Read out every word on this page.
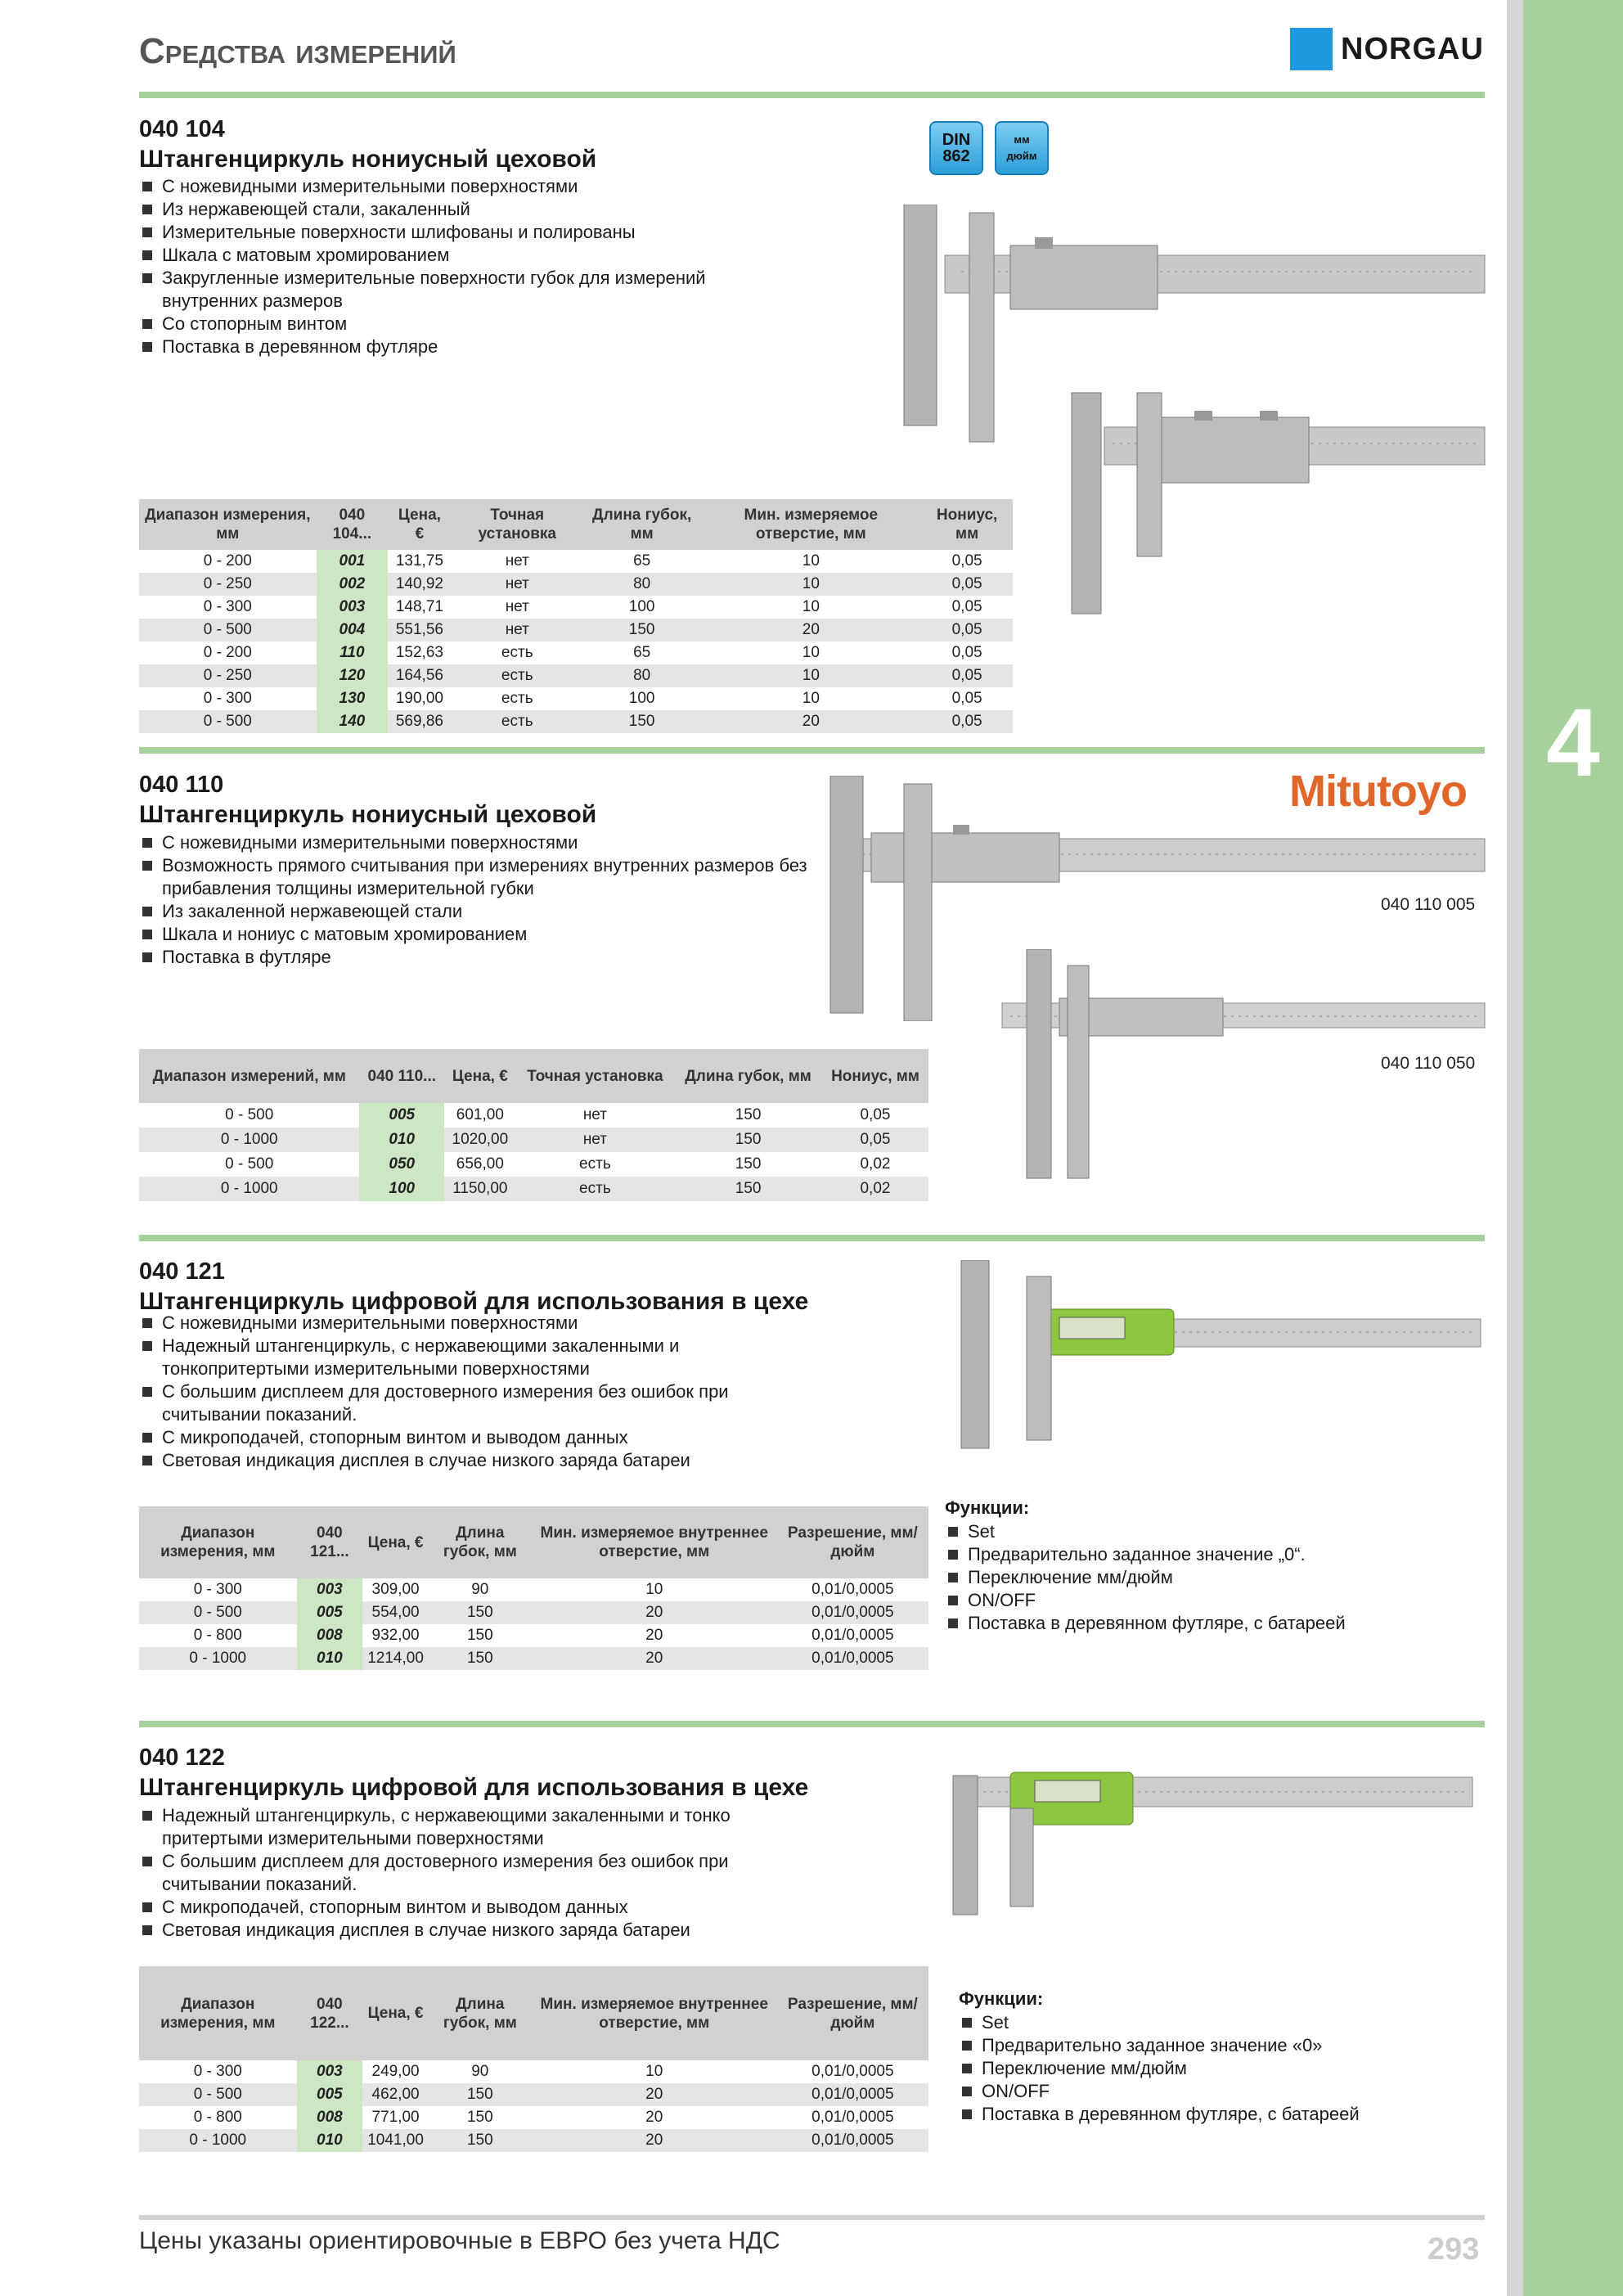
4
Средства измерений	NORGAU
040 104
Штангенциркуль нониусный цеховой
С ножевидными измерительными поверхностями
Из нержавеющей стали, закаленный
Измерительные поверхности шлифованы и полированы
Шкала с матовым хромированием
Закругленные измерительные поверхности губок для измерений внутренних размеров
Со стопорным винтом
Поставка в деревянном футляре
DIN
862
мм
дюйм
Диапазон измерения, мм	040 104...	Цена, €	Точная установка	Длина губок, мм	Мин. измеряемое отверстие, мм	Нониус, мм
0 - 200	001	131,75	нет	65	10	0,05
0 - 250	002	140,92	нет	80	10	0,05
0 - 300	003	148,71	нет	100	10	0,05
0 - 500	004	551,56	нет	150	20	0,05
0 - 200	110	152,63	есть	65	10	0,05
0 - 250	120	164,56	есть	80	10	0,05
0 - 300	130	190,00	есть	100	10	0,05
0 - 500	140	569,86	есть	150	20	0,05
040 110
Штангенциркуль нониусный цеховой	Mitutoyo
С ножевидными измерительными поверхностями
Возможность прямого считывания при измерениях внутренних размеров без прибавления толщины измерительной губки
Из закаленной нержавеющей стали
Шкала и нониус с матовым хромированием
Поставка в футляре
040 110 005
040 110 050
Диапазон измерений, мм	040 110...	Цена, €	Точная установка	Длина губок, мм	Нониус, мм
0 - 500	005	601,00	нет	150	0,05
0 - 1000	010	1020,00	нет	150	0,05
0 - 500	050	656,00	есть	150	0,02
0 - 1000	100	1150,00	есть	150	0,02
040 121
Штангенциркуль цифровой для использования в цехе
С ножевидными измерительными поверхностями
Надежный штангенциркуль, с нержавеющими закаленными и тонкопритертыми измерительными поверхностями
С большим дисплеем для достоверного измерения без ошибок при считывании показаний.
С микроподачей, стопорным винтом и выводом данных
Световая индикация дисплея в случае низкого заряда батареи
Диапазон измерения, мм	040 121...	Цена, €	Длина губок, мм	Мин. измеряемое внутреннее отверстие, мм	Разрешение, мм/дюйм
0 - 300	003	309,00	90	10	0,01/0,0005
0 - 500	005	554,00	150	20	0,01/0,0005
0 - 800	008	932,00	150	20	0,01/0,0005
0 - 1000	010	1214,00	150	20	0,01/0,0005
Функции:
Set
Предварительно заданное значение „0“.
Переключение мм/дюйм
ON/OFF
Поставка в деревянном футляре, с батареей
040 122
Штангенциркуль цифровой для использования в цехе
Надежный штангенциркуль, с нержавеющими закаленными и тонко притертыми измерительными поверхностями
С большим дисплеем для достоверного измерения без ошибок при считывании показаний.
С микроподачей, стопорным винтом и выводом данных
Световая индикация дисплея в случае низкого заряда батареи
Диапазон измерения, мм	040 122...	Цена, €	Длина губок, мм	Мин. измеряемое внутреннее отверстие, мм	Разрешение, мм/дюйм
0 - 300	003	249,00	90	10	0,01/0,0005
0 - 500	005	462,00	150	20	0,01/0,0005
0 - 800	008	771,00	150	20	0,01/0,0005
0 - 1000	010	1041,00	150	20	0,01/0,0005
Функции:
Set
Предварительно заданное значение «0»
Переключение мм/дюйм
ON/OFF
Поставка в деревянном футляре, с батареей
Цены указаны ориентировочные в ЕВРО без учета НДС	293
